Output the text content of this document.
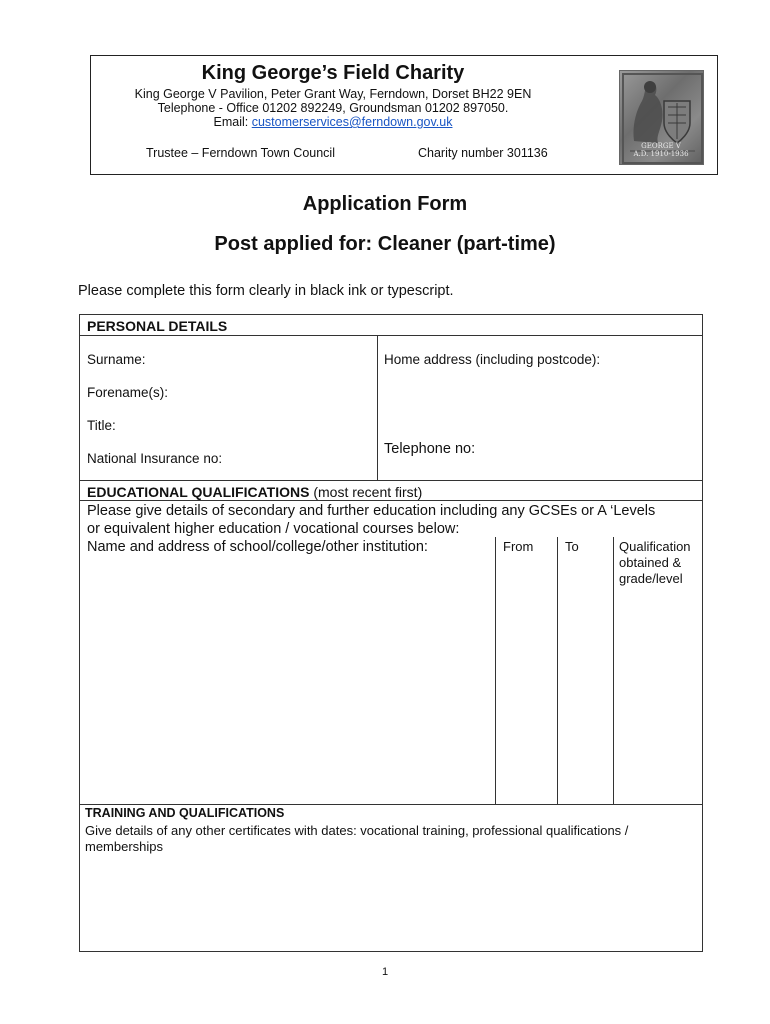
King George’s Field Charity
King George V Pavilion, Peter Grant Way, Ferndown, Dorset BH22 9EN
Telephone - Office 01202 892249, Groundsman 01202 897050.
Email: customerservices@ferndown.gov.uk
Trustee – Ferndown Town Council	Charity number 301136	GEORGE V
A.D. 1910-1936
Application Form
Post applied for: Cleaner (part-time)
Please complete this form clearly in black ink or typescript.
PERSONAL DETAILS
Surname:
Forename(s):
Title:
National Insurance no:
Home address (including postcode):
Telephone no:
EDUCATIONAL QUALIFICATIONS (most recent first)
Please give details of secondary and further education including any GCSEs or A ‘Levels
or equivalent higher education / vocational courses below:
Name and address of school/college/other institution:	From To	Qualification
obtained &
grade/level
TRAINING AND QUALIFICATIONS
Give details of any other certificates with dates: vocational training, professional qualifications /
memberships
1
